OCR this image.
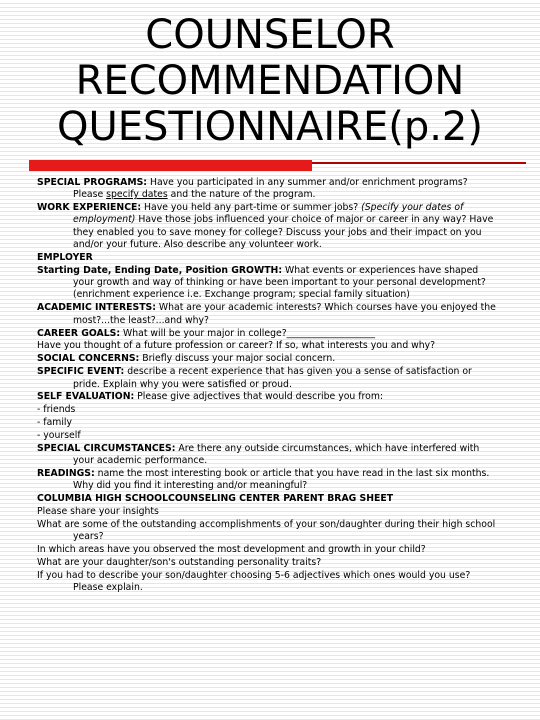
COUNSELOR
RECOMMENDATION
QUESTIONNAIRE(p.2)

SPECIAL PROGRAMS: Have you participated in any summer and/or enrichment programs? Please specify dates and the nature of the program.

WORK EXPERIENCE: Have you held any part-time or summer jobs? (Specify your dates of employment) Have those jobs influenced your choice of major or career in any way? Have they enabled you to save money for college? Discuss your jobs and their impact on you and/or your future. Also describe any volunteer work.

EMPLOYER

Starting Date, Ending Date, Position GROWTH: What events or experiences have shaped your growth and way of thinking or have been important to your personal development? (enrichment experience i.e. Exchange program; special family situation)

ACADEMIC INTERESTS: What are your academic interests? Which courses have you enjoyed the most?...the least?...and why?

CAREER GOALS: What will be your major in college?___________________

Have you thought of a future profession or career? If so, what interests you and why?

SOCIAL CONCERNS: Briefly discuss your major social concern.

SPECIFIC EVENT: describe a recent experience that has given you a sense of satisfaction or pride. Explain why you were satisfied or proud.

SELF EVALUATION: Please give adjectives that would describe you from:

- friends

- family

- yourself

SPECIAL CIRCUMSTANCES: Are there any outside circumstances, which have interfered with your academic performance.

READINGS: name the most interesting book or article that you have read in the last six months. Why did you find it interesting and/or meaningful?

COLUMBIA HIGH SCHOOLCOUNSELING CENTER PARENT BRAG SHEET

Please share your insights

What are some of the outstanding accomplishments of your son/daughter during their high school years?

In which areas have you observed the most development and growth in your child?

What are your daughter/son's outstanding personality traits?

If you had to describe your son/daughter choosing 5-6 adjectives which ones would you use? Please explain.
